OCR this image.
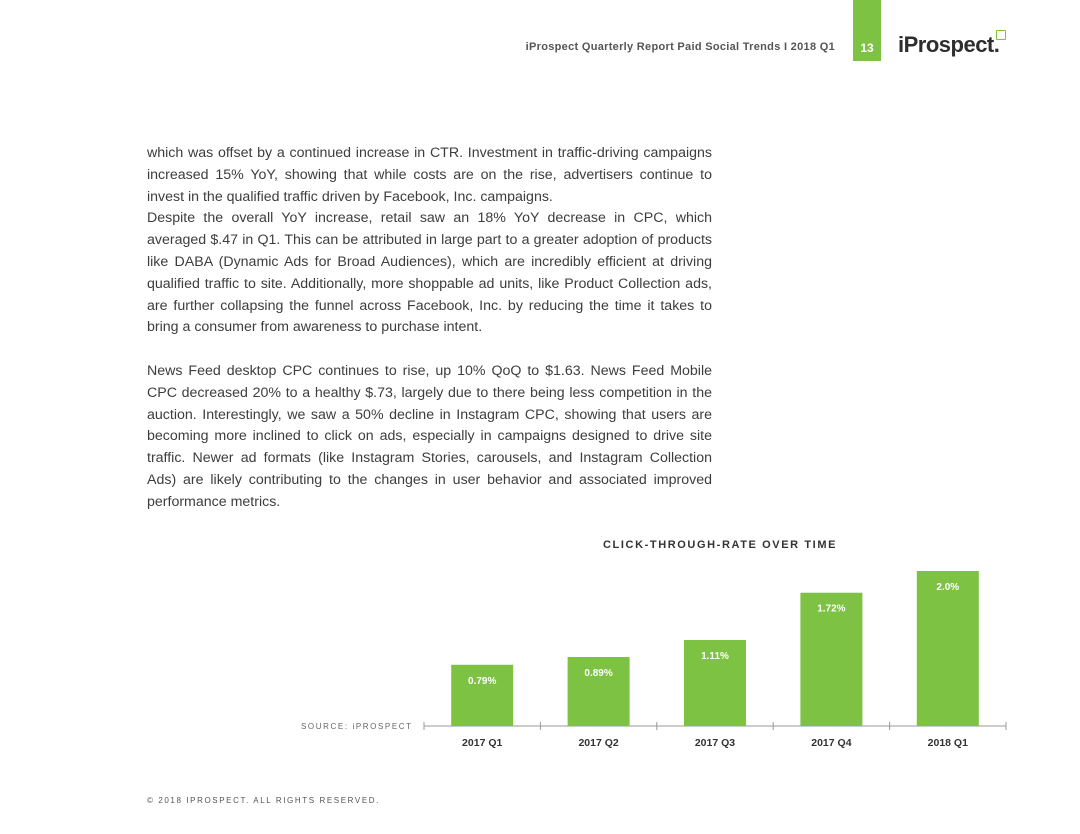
iProspect Quarterly Report Paid Social Trends I 2018 Q1	13	iProspect.

which was offset by a continued increase in CTR. Investment in traffic-driving campaigns increased 15% YoY, showing that while costs are on the rise, advertisers continue to invest in the qualified traffic driven by Facebook, Inc. campaigns.

Despite the overall YoY increase, retail saw an 18% YoY decrease in CPC, which averaged $.47 in Q1. This can be attributed in large part to a greater adoption of products like DABA (Dynamic Ads for Broad Audiences), which are incredibly efficient at driving qualified traffic to site. Additionally, more shoppable ad units, like Product Collection ads, are further collapsing the funnel across Facebook, Inc. by reducing the time it takes to bring a consumer from awareness to purchase intent.

News Feed desktop CPC continues to rise, up 10% QoQ to $1.63. News Feed Mobile CPC decreased 20% to a healthy $.73, largely due to there being less competition in the auction. Interestingly, we saw a 50% decline in Instagram CPC, showing that users are becoming more inclined to click on ads, especially in campaigns designed to drive site traffic. Newer ad formats (like Instagram Stories, carousels, and Instagram Collection Ads) are likely contributing to the changes in user behavior and associated improved performance metrics.

CLICK-THROUGH-RATE OVER TIME
SOURCE: iPROSPECT
0.79%
2017 Q1
0.89%
2017 Q2
1.11%
2017 Q3
1.72%
2017 Q4
2.0%
2018 Q1
© 2018 IPROSPECT. ALL RIGHTS RESERVED.
